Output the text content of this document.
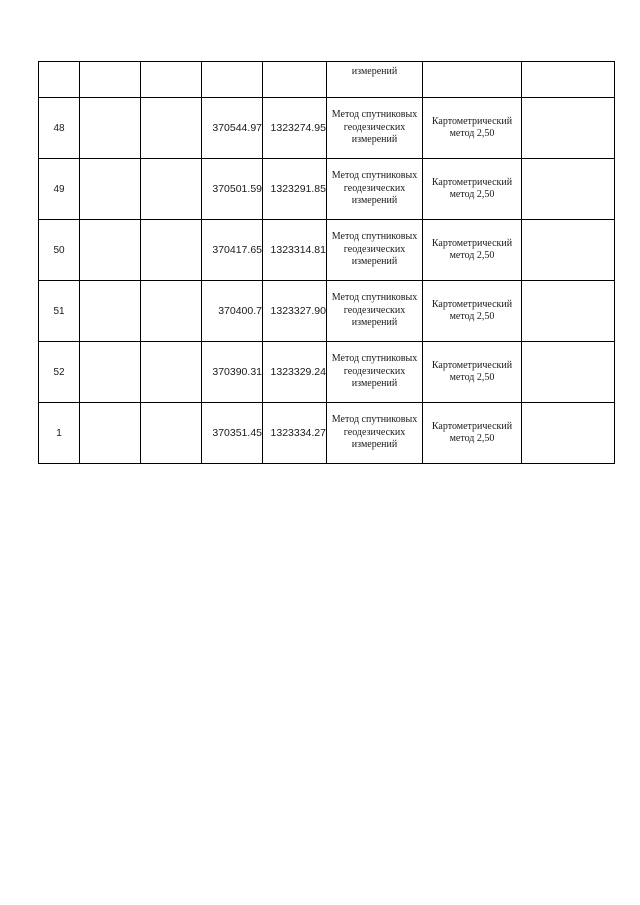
					измерений		
48			370544.97	1323274.95	Метод спутниковых геодезических измерений	Картометрический метод 2,50	
49			370501.59	1323291.85	Метод спутниковых геодезических измерений	Картометрический метод 2,50	
50			370417.65	1323314.81	Метод спутниковых геодезических измерений	Картометрический метод 2,50	
51			370400.7	1323327.90	Метод спутниковых геодезических измерений	Картометрический метод 2,50	
52			370390.31	1323329.24	Метод спутниковых геодезических измерений	Картометрический метод 2,50	
1			370351.45	1323334.27	Метод спутниковых геодезических измерений	Картометрический метод 2,50	
